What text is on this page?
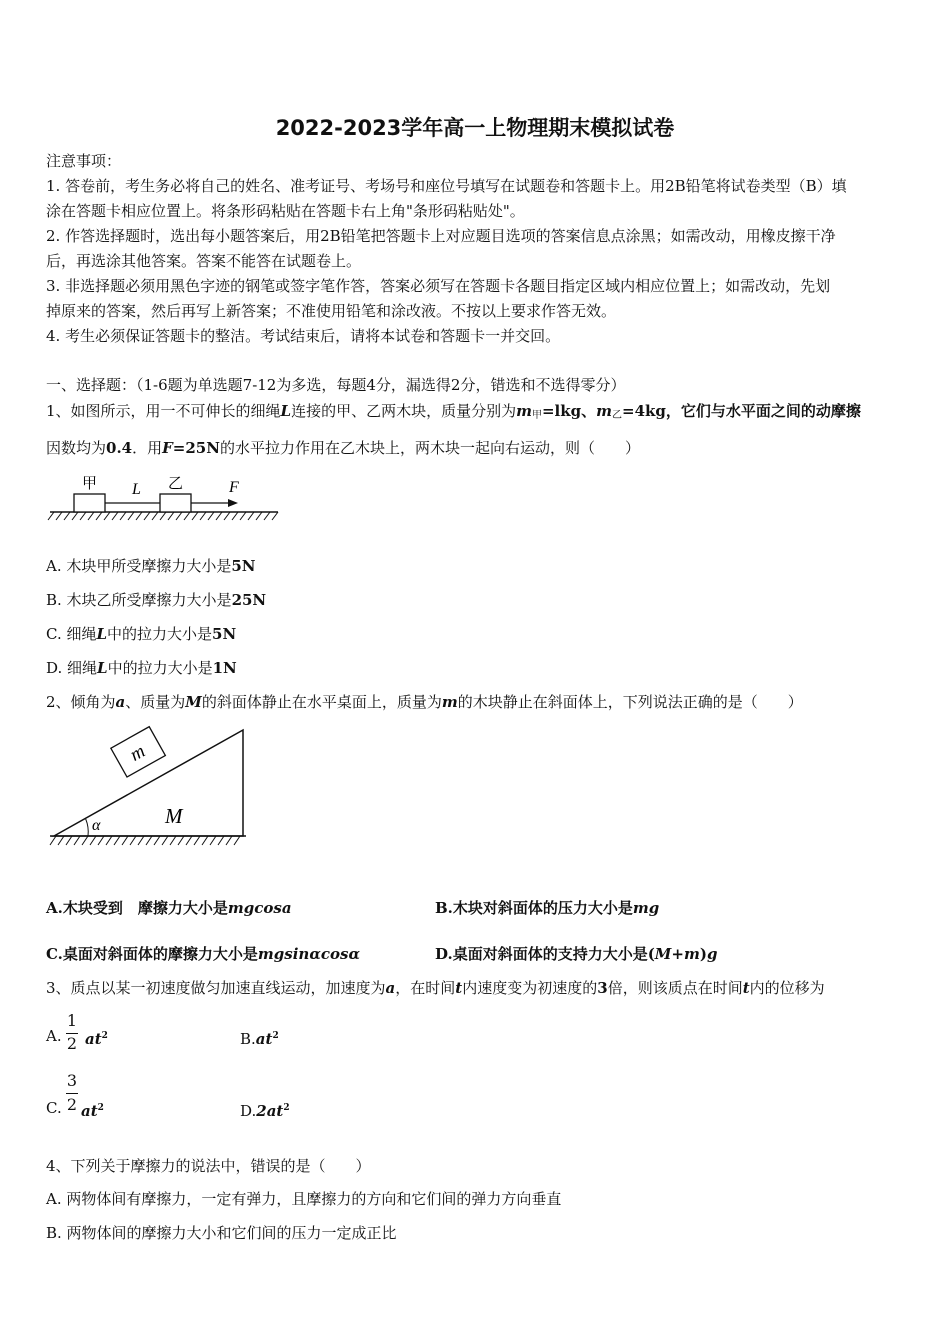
2022-2023学年高一上物理期末模拟试卷
注意事项：
1. 答卷前，考生务必将自己的姓名、准考证号、考场号和座位号填写在试题卷和答题卡上。用2B铅笔将试卷类型（B）填
涂在答题卡相应位置上。将条形码粘贴在答题卡右上角"条形码粘贴处"。
2. 作答选择题时，选出每小题答案后，用2B铅笔把答题卡上对应题目选项的答案信息点涂黑；如需改动，用橡皮擦干净
后，再选涂其他答案。答案不能答在试题卷上。
3. 非选择题必须用黑色字迹的钢笔或签字笔作答，答案必须写在答题卡各题目指定区域内相应位置上；如需改动，先划
掉原来的答案，然后再写上新答案；不准使用铅笔和涂改液。不按以上要求作答无效。
4. 考生必须保证答题卡的整洁。考试结束后，请将本试卷和答题卡一并交回。
一、选择题：（1-6题为单选题7-12为多选，每题4分，漏选得2分，错选和不选得零分）
1、如图所示，用一不可伸长的细绳L连接的甲、乙两木块，质量分别为$m_甲=lkg$、$m_乙=4kg$，它们与水平面之间的动摩擦
因数均为0.4．用F=25N的水平拉力作用在乙木块上，两木块一起向右运动，则（　　）
甲 L 乙	F
A. 木块甲所受摩擦力大小是5N
B. 木块乙所受摩擦力大小是25N
C. 细绳L中的拉力大小是5N
D. 细绳L中的拉力大小是1N
2、倾角为a、质量为M的斜面体静止在水平桌面上，质量为m的木块静止在斜面体上，下列说法正确的是（　　）
m
α	M
A.木块受到　摩擦力大小是mgcosa	B.木块对斜面体的压力大小是mg
C.桌面对斜面体的摩擦力大小是mgsinαcosα	D.桌面对斜面体的支持力大小是(M+m)g
3、质点以某一初速度做匀加速直线运动，加速度为a，在时间t内速度变为初速度的3倍，则该质点在时间t内的位移为
A.
1
2 $at^2$	$B.at^2$
C.
3
2 $at^2$	$D.2at^2$
4、下列关于摩擦力的说法中，错误的是（　　）
A. 两物体间有摩擦力，一定有弹力，且摩擦力的方向和它们间的弹力方向垂直
B. 两物体间的摩擦力大小和它们间的压力一定成正比
